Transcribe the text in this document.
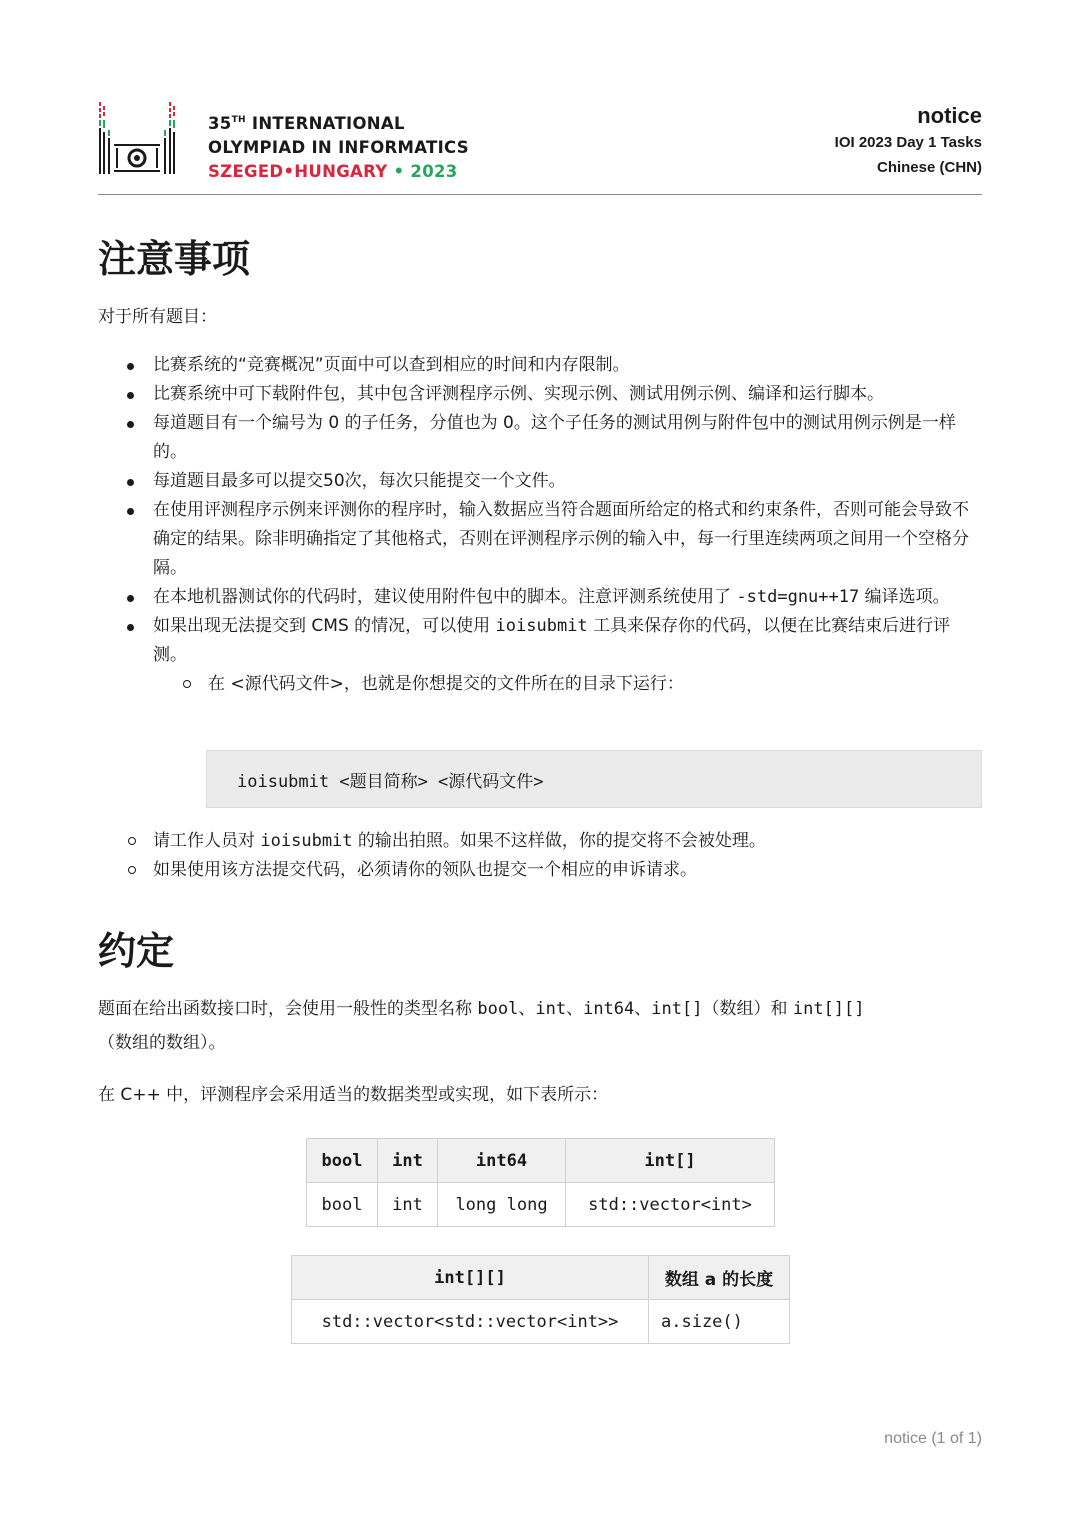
35TH INTERNATIONAL
OLYMPIAD IN INFORMATICS
SZEGED•HUNGARY • 2023
notice
IOI 2023 Day 1 Tasks
Chinese (CHN)
注意事项

对于所有题目：

比赛系统的“竞赛概况”页面中可以查到相应的时间和内存限制。
比赛系统中可下载附件包，其中包含评测程序示例、实现示例、测试用例示例、编译和运行脚本。
每道题目有一个编号为 0 的子任务，分值也为 0。这个子任务的测试用例与附件包中的测试用例示例是一样的。
每道题目最多可以提交50次，每次只能提交一个文件。
在使用评测程序示例来评测你的程序时，输入数据应当符合题面所给定的格式和约束条件，否则可能会导致不确定的结果。除非明确指定了其他格式，否则在评测程序示例的输入中，每一行里连续两项之间用一个空格分隔。
在本地机器测试你的代码时，建议使用附件包中的脚本。注意评测系统使用了 -std=gnu++17 编译选项。
如果出现无法提交到 CMS 的情况，可以使用 ioisubmit 工具来保存你的代码，以便在比赛结束后进行评测。
在 <源代码文件>，也就是你想提交的文件所在的目录下运行：
ioisubmit <题目简称> <源代码文件>
请工作人员对 ioisubmit 的输出拍照。如果不这样做，你的提交将不会被处理。
如果使用该方法提交代码，必须请你的领队也提交一个相应的申诉请求。
约定

题面在给出函数接口时，会使用一般性的类型名称 bool、int、int64、int[]（数组）和 int[][]
（数组的数组）。

在 C++ 中，评测程序会采用适当的数据类型或实现，如下表所示：

bool	int	int64	int[]
bool	int	long long	std::vector<int>
int[][]	数组 a 的长度
std::vector<std::vector<int>>	a.size()
notice (1 of 1)
